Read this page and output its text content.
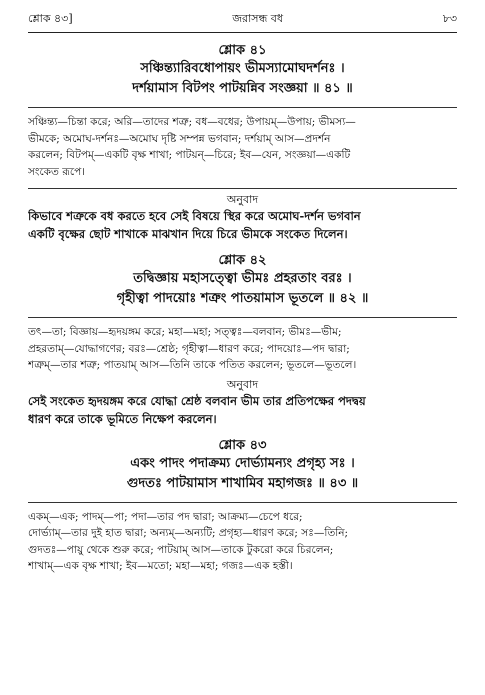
শ্লোক ৪৩]	জরাসন্ধ বধ	৮৩
শ্লোক ৪১
সঞ্চিন্ত্যারিবধোপায়ং ভীমস্যামোঘদর্শনঃ ।
দর্শয়ামাস বিটপং পাটয়ন্নিব সংজ্ঞয়া ॥ ৪১ ॥
সঞ্চিন্ত্য—চিন্তা করে; অরি—তাদের শত্রু; বধ—বধের; উপায়ম্—উপায়; ভীমস্য—
ভীমকে; অমোঘ-দর্শনঃ—অমোঘ দৃষ্টি সম্পন্ন ভগবান; দর্শয়াম্ আস—প্রদর্শন
করলেন; বিটপম্—একটি বৃক্ষ শাখা; পাটয়ন্—চিরে; ইব—যেন, সংজ্ঞয়া—একটি
সংকেত রূপে।
অনুবাদ
কিভাবে শত্রুকে বধ করতে হবে সেই বিষয়ে স্থির করে অমোঘ-দর্শন ভগবান
একটি বৃক্ষের ছোট শাখাকে মাঝখান দিয়ে চিরে ভীমকে সংকেত দিলেন।
শ্লোক ৪২
তদ্বিজ্ঞায় মহাসত্ত্বো ভীমঃ প্রহরতাং বরঃ ।
গৃহীত্বা পাদয়োঃ শত্রুং পাতয়ামাস ভূতলে ॥ ৪২ ॥
তৎ—তা; বিজ্ঞায়—হৃদয়ঙ্গম করে; মহা—মহা; সত্ত্বঃ—বলবান; ভীমঃ—ভীম;
প্রহরতাম্—যোদ্ধাগণের; বরঃ—শ্রেষ্ঠ; গৃহীত্বা—ধারণ করে; পাদয়োঃ—পদ দ্বারা;
শত্রুম্—তার শত্রু; পাতয়াম্ আস—তিনি তাকে পতিত করলেন; ভূতলে—ভূতলে।
অনুবাদ
সেই সংকেত হৃদয়ঙ্গম করে যোদ্ধা শ্রেষ্ঠ বলবান ভীম তার প্রতিপক্ষের পদদ্বয়
ধারণ করে তাকে ভূমিতে নিক্ষেপ করলেন।
শ্লোক ৪৩
একং পাদং পদাক্রম্য দোর্ভ্যামন্যং প্রগৃহ্য সঃ ।
গুদতঃ পাটয়ামাস শাখামিব মহাগজঃ ॥ ৪৩ ॥
একম্—এক; পাদম্—পা; পদা—তার পদ দ্বারা; আক্রম্য—চেপে ধরে;
দোর্ভ্যাম্—তার দুই হাত দ্বারা; অন্যম্—অন্যটি; প্রগৃহ্য—ধারণ করে; সঃ—তিনি;
গুদতঃ—পায়ু থেকে শুরু করে; পাটয়াম্ আস—তাকে টুকরো করে চিরলেন;
শাখাম্—এক বৃক্ষ শাখা; ইব—মতো; মহা—মহা; গজঃ—এক হস্তী।
